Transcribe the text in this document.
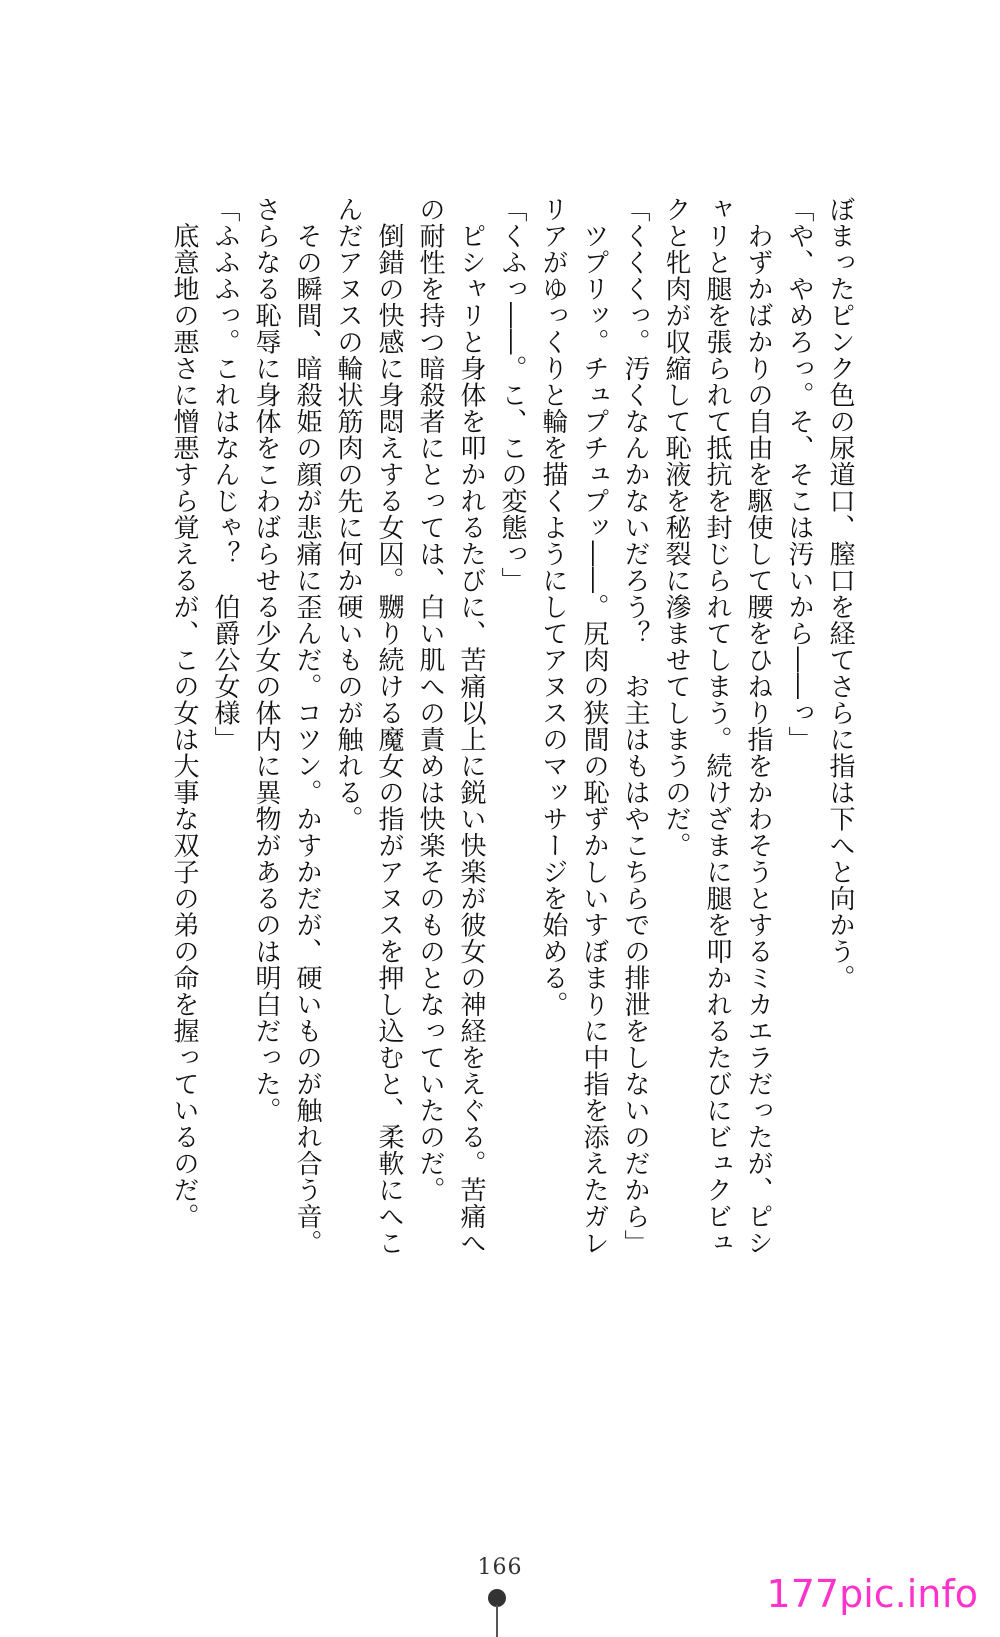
ぼまったピンク色の尿道口、膣口を経てさらに指は下へと向かう。
「や、やめろっ。そ、そこは汚いから――っ」
　わずかばかりの自由を駆使して腰をひねり指をかわそうとするミカエラだったが、ピシ
ャリと腿を張られて抵抗を封じられてしまう。続けざまに腿を叩かれるたびにビュクビュ
クと牝肉が収縮して恥液を秘裂に滲ませてしまうのだ。
「くくくっ。汚くなんかないだろう？　お主はもはやこちらでの排泄をしないのだから」
　ツプリッ。チュプチュプッ――。尻肉の狭間の恥ずかしいすぼまりに中指を添えたガレ
リアがゆっくりと輪を描くようにしてアヌスのマッサージを始める。
「くふっ――。こ、この変態っ」
　ピシャリと身体を叩かれるたびに、苦痛以上に鋭い快楽が彼女の神経をえぐる。苦痛へ
の耐性を持つ暗殺者にとっては、白い肌への責めは快楽そのものとなっていたのだ。
　倒錯の快感に身悶えする女囚。嬲り続ける魔女の指がアヌスを押し込むと、柔軟にへこ
んだアヌスの輪状筋肉の先に何か硬いものが触れる。
　その瞬間、暗殺姫の顔が悲痛に歪んだ。コツン。かすかだが、硬いものが触れ合う音。
さらなる恥辱に身体をこわばらせる少女の体内に異物があるのは明白だった。
「ふふふっ。これはなんじゃ？　伯爵公女様」
　底意地の悪さに憎悪すら覚えるが、この女は大事な双子の弟の命を握っているのだ。
166
177pic.info
